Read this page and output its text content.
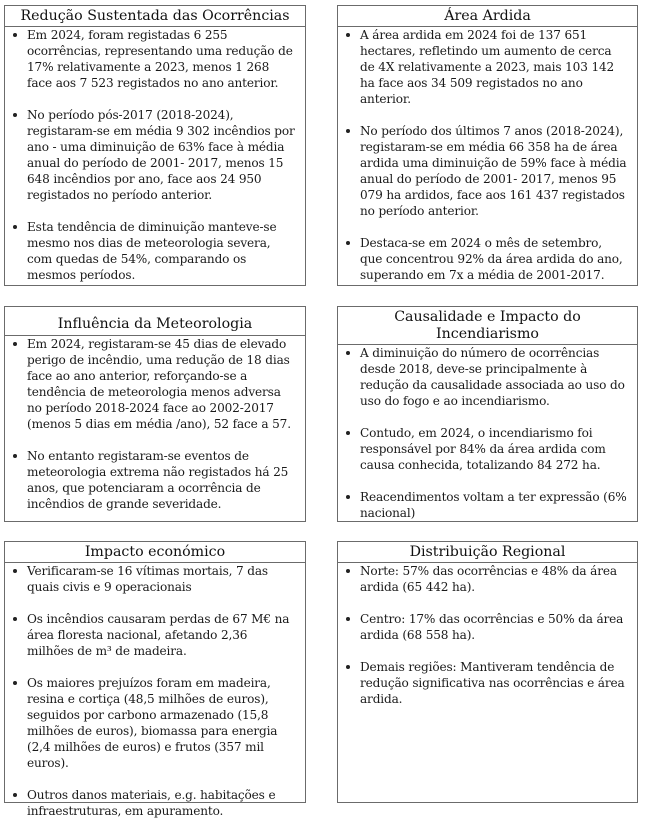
Redução Sustentada das Ocorrências
Em 2024, foram registadas 6 255 ocorrências, representando uma redução de 17% relativamente a 2023, menos 1 268 face aos 7 523 registados no ano anterior.
No período pós-2017 (2018-2024), registaram-se em média 9 302 incêndios por ano - uma diminuição de 63% face à média anual do período de 2001- 2017, menos 15 648 incêndios por ano, face aos 24 950 registados no período anterior.
Esta tendência de diminuição manteve-se mesmo nos dias de meteorologia severa, com quedas de 54%, comparando os mesmos períodos.
Área Ardida
A área ardida em 2024 foi de 137 651 hectares, refletindo um aumento de cerca de 4X relativamente a 2023, mais 103 142 ha face aos 34 509 registados no ano anterior.
No período dos últimos 7 anos (2018-2024), registaram-se em média 66 358 ha de área ardida uma diminuição de 59% face à média anual do período de 2001- 2017, menos 95 079 ha ardidos, face aos 161 437 registados no período anterior.
Destaca-se em 2024 o mês de setembro, que concentrou 92% da área ardida do ano, superando em 7x a média de 2001-2017.
Influência da Meteorologia
Em 2024, registaram-se 45 dias de elevado perigo de incêndio, uma redução de 18 dias face ao ano anterior, reforçando-se a tendência de meteorologia menos adversa no período 2018-2024 face ao 2002-2017 (menos 5 dias em média /ano), 52 face a 57.
No entanto registaram-se eventos de meteorologia extrema não registados há 25 anos, que potenciaram a ocorrência de incêndios de grande severidade.
Causalidade e Impacto do Incendiarismo
A diminuição do número de ocorrências desde 2018, deve-se principalmente à redução da causalidade associada ao uso do uso do fogo e ao incendiarismo.
Contudo, em 2024, o incendiarismo foi responsável por 84% da área ardida com causa conhecida, totalizando 84 272 ha.
Reacendimentos voltam a ter expressão (6% nacional)
Impacto económico
Verificaram-se 16 vítimas mortais, 7 das quais civis e 9 operacionais
Os incêndios causaram perdas de 67 M€ na área floresta nacional, afetando 2,36 milhões de m³ de madeira.
Os maiores prejuízos foram em madeira, resina e cortiça (48,5 milhões de euros), seguidos por carbono armazenado (15,8 milhões de euros), biomassa para energia (2,4 milhões de euros) e frutos (357 mil euros).
Outros danos materiais, e.g. habitações e infraestruturas, em apuramento.
Distribuição Regional
Norte: 57% das ocorrências e 48% da área ardida (65 442 ha).
Centro: 17% das ocorrências e 50% da área ardida (68 558 ha).
Demais regiões: Mantiveram tendência de redução significativa nas ocorrências e área ardida.
